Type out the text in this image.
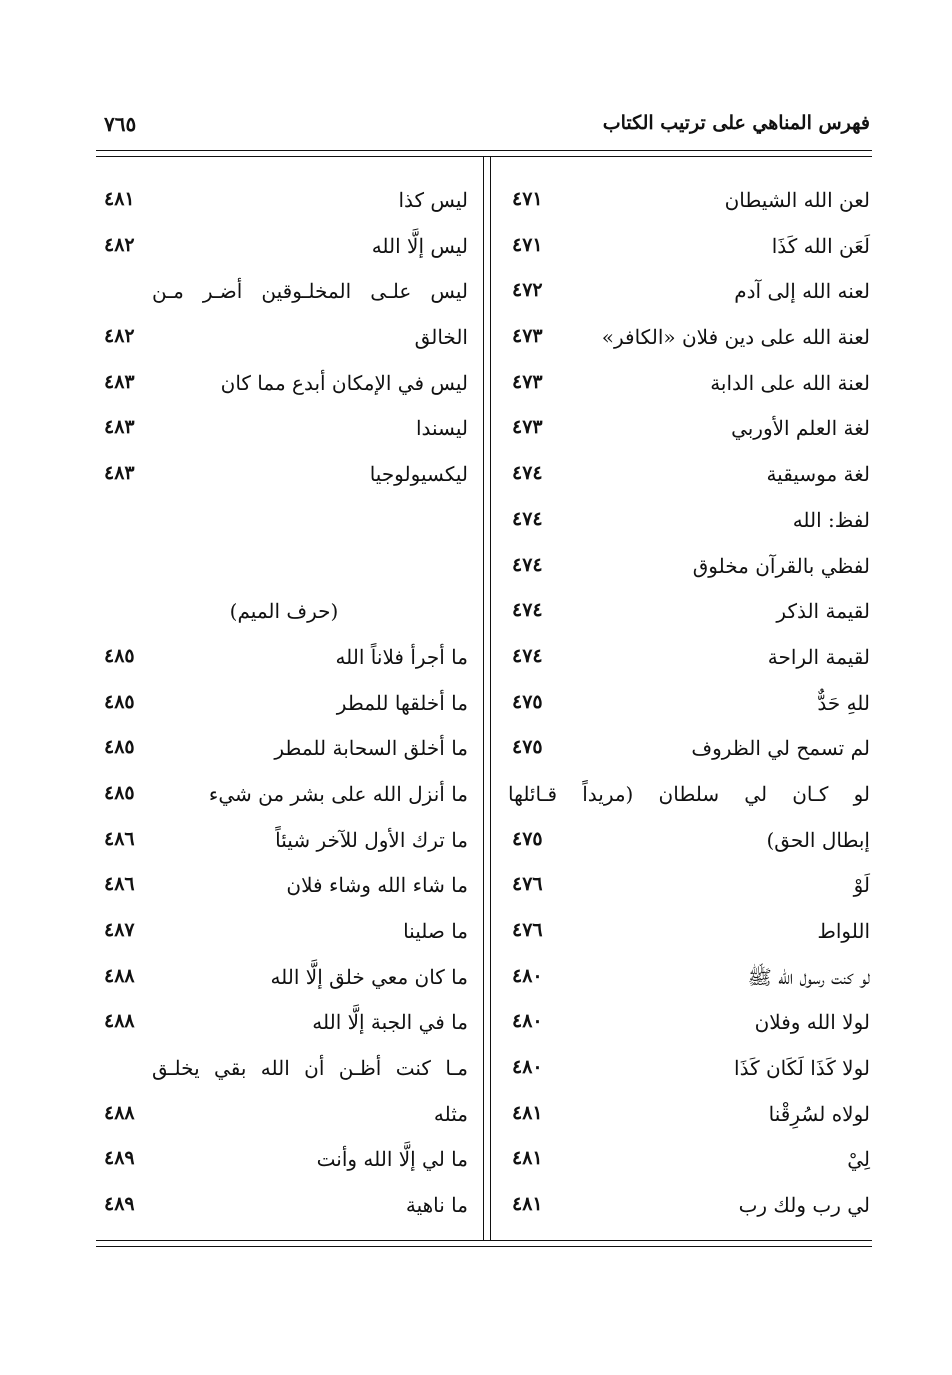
فهرس المناهي على ترتيب الكتاب
٧٦٥
لعن الله الشيطان
٤٧١
لَعَن الله كَذَا
٤٧١
لعنه الله إلى آدم
٤٧٢
لعنة الله على دين فلان «الكافر»
٤٧٣
لعنة الله على الدابة
٤٧٣
لغة العلم الأوربي
٤٧٣
لغة موسيقية
٤٧٤
لفظ: الله
٤٧٤
لفظي بالقرآن مخلوق
٤٧٤
لقيمة الذكر
٤٧٤
لقيمة الراحة
٤٧٤
للهِ حَدٌّ
٤٧٥
لم تسمح لي الظروف
٤٧٥
لو كـان لي سلطان (مريداً قـائلها
إبطال الحق)
٤٧٥
لَوْ
٤٧٦
اللواط
٤٧٦
لو كنت رسول الله ﷺ
٤٨٠
لولا الله وفلان
٤٨٠
لولا كَذَا لَكَان كَذَا
٤٨٠
لولاه لسُرِقْنا
٤٨١
لِيْ
٤٨١
لي رب ولك رب
٤٨١
ليس كذا
٤٨١
ليس إلَّا الله
٤٨٢
ليس علـى المخلـوقين أضـر مـن
الخالق
٤٨٢
ليس في الإمكان أبدع مما كان
٤٨٣
ليسندا
٤٨٣
ليكسيولوجيا
٤٨٣
(حرف الميم)
ما أجرأ فلاناً الله
٤٨٥
ما أخلقها للمطر
٤٨٥
ما أخلق السحابة للمطر
٤٨٥
ما أنزل الله على بشر من شيء
٤٨٥
ما ترك الأول للآخر شيئاً
٤٨٦
ما شاء الله وشاء فلان
٤٨٦
ما صلينا
٤٨٧
ما كان معي خلق إلَّا الله
٤٨٨
ما في الجبة إلَّا الله
٤٨٨
مـا كنت أظـن أن الله بقي يخلـق
مثله
٤٨٨
ما لي إلَّا الله وأنت
٤٨٩
ما ناهية
٤٨٩
